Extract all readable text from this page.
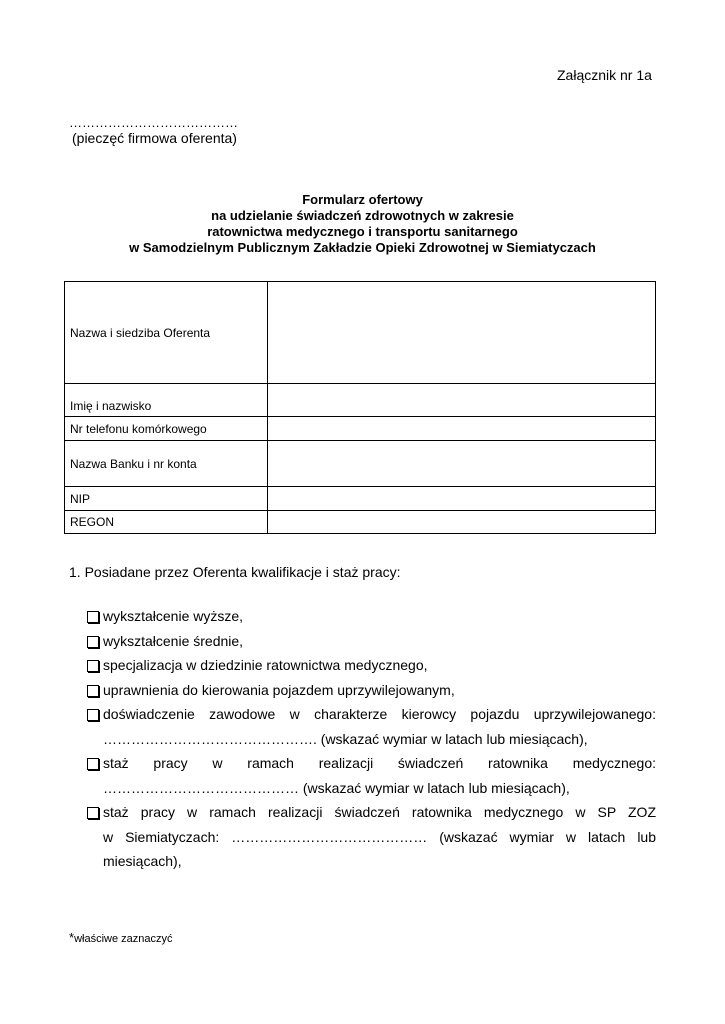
Załącznik nr 1a
…………………………………
(pieczęć firmowa oferenta)
Formularz ofertowy
na udzielanie świadczeń zdrowotnych w zakresie
ratownictwa medycznego i transportu sanitarnego
w Samodzielnym Publicznym Zakładzie Opieki Zdrowotnej w Siemiatyczach
Nazwa i siedziba Oferenta	
Imię i nazwisko	
Nr telefonu komórkowego	
Nazwa Banku i nr konta	
NIP	
REGON	
1. Posiadane przez Oferenta kwalifikacje i staż pracy:
wykształcenie wyższe,
wykształcenie średnie,
specjalizacja w dziedzinie ratownictwa medycznego,
uprawnienia do kierowania pojazdem uprzywilejowanym,
doświadczenie zawodowe w charakterze kierowcy pojazdu uprzywilejowanego:
………………………………………. (wskazać wymiar w latach lub miesiącach),
staż pracy w ramach realizacji świadczeń ratownika medycznego:
…………………………………… (wskazać wymiar w latach lub miesiącach),
staż pracy w ramach realizacji świadczeń ratownika medycznego w SP ZOZ
w Siemiatyczach: …………………………………… (wskazać wymiar w latach lub
miesiącach),
*właściwe zaznaczyć
